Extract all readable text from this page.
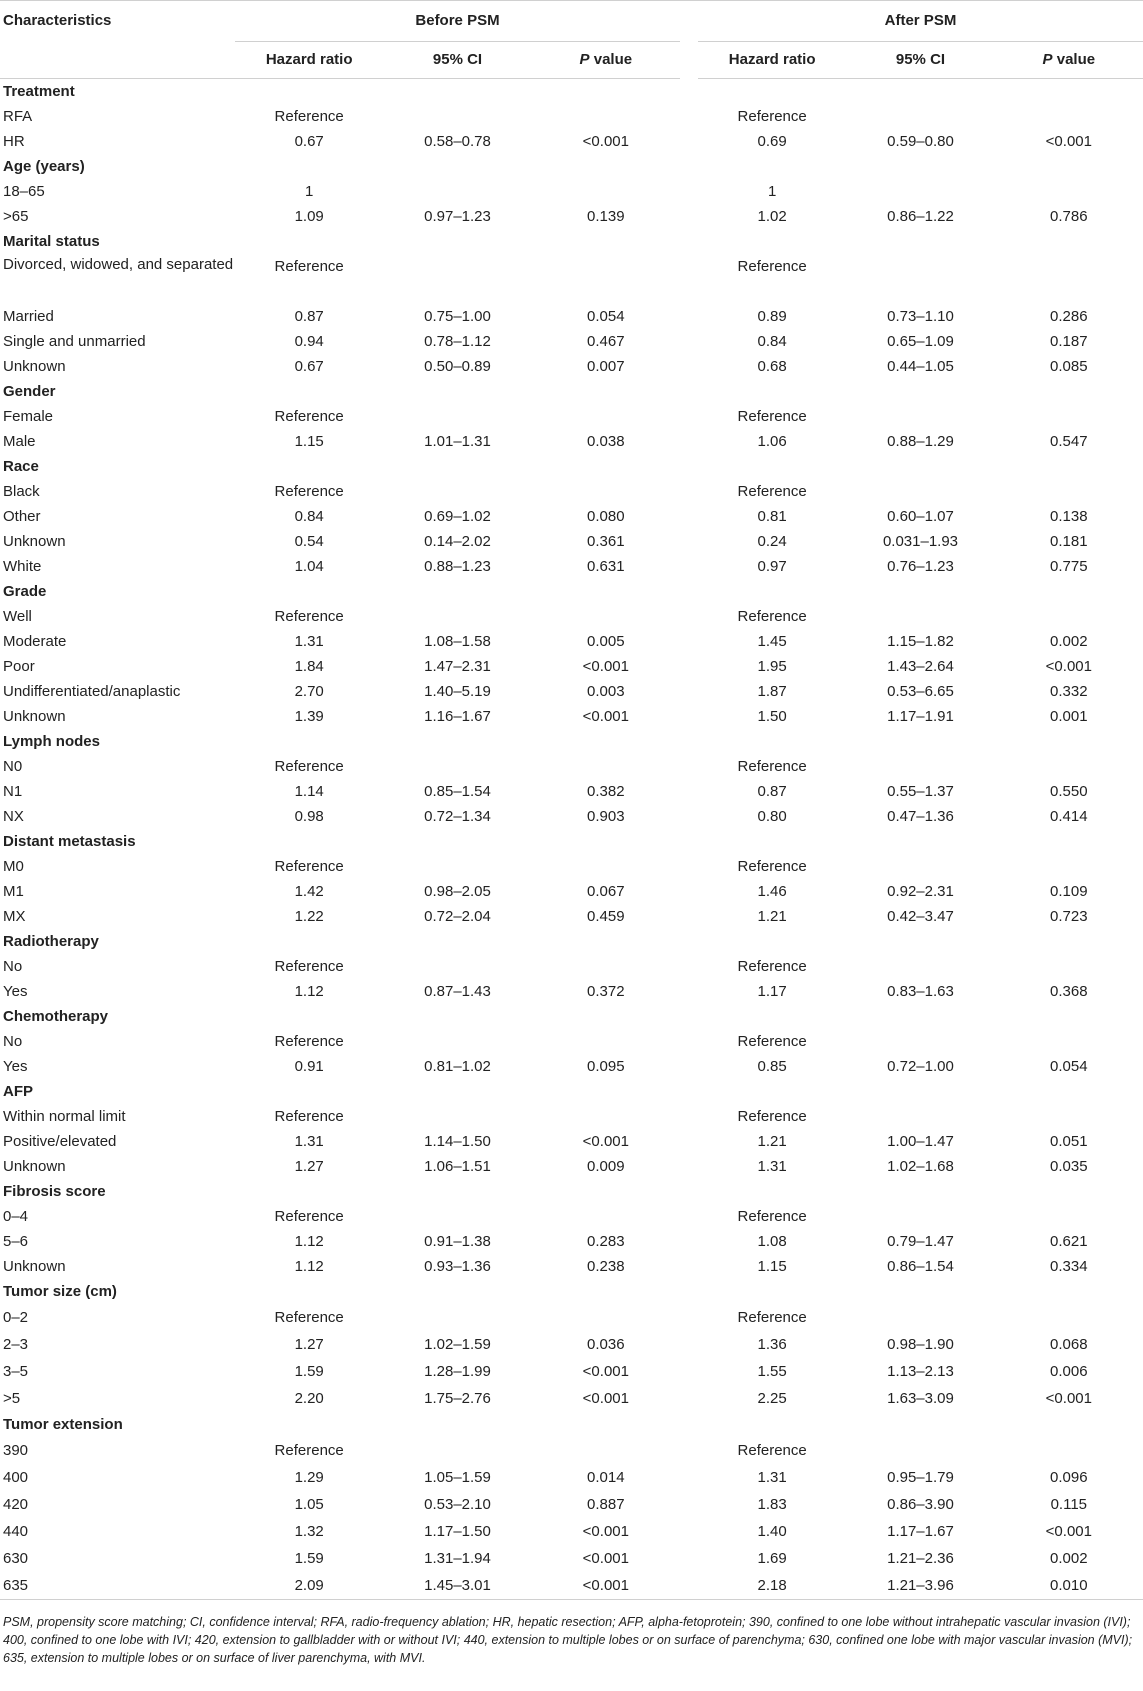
Characteristics	Before PSM				After PSM		
	Hazard ratio	95% CI	P value		Hazard ratio	95% CI	P value
Treatment							
RFA	Reference				Reference		
HR	0.67	0.58–0.78	<0.001		0.69	0.59–0.80	<0.001
Age (years)							
18–65	1				1		
>65	1.09	0.97–1.23	0.139		1.02	0.86–1.22	0.786
Marital status							
Divorced, widowed, and separated	Reference				Reference		
Married	0.87	0.75–1.00	0.054		0.89	0.73–1.10	0.286
Single and unmarried	0.94	0.78–1.12	0.467		0.84	0.65–1.09	0.187
Unknown	0.67	0.50–0.89	0.007		0.68	0.44–1.05	0.085
Gender							
Female	Reference				Reference		
Male	1.15	1.01–1.31	0.038		1.06	0.88–1.29	0.547
Race							
Black	Reference				Reference		
Other	0.84	0.69–1.02	0.080		0.81	0.60–1.07	0.138
Unknown	0.54	0.14–2.02	0.361		0.24	0.031–1.93	0.181
White	1.04	0.88–1.23	0.631		0.97	0.76–1.23	0.775
Grade							
Well	Reference				Reference		
Moderate	1.31	1.08–1.58	0.005		1.45	1.15–1.82	0.002
Poor	1.84	1.47–2.31	<0.001		1.95	1.43–2.64	<0.001
Undifferentiated/anaplastic	2.70	1.40–5.19	0.003		1.87	0.53–6.65	0.332
Unknown	1.39	1.16–1.67	<0.001		1.50	1.17–1.91	0.001
Lymph nodes							
N0	Reference				Reference		
N1	1.14	0.85–1.54	0.382		0.87	0.55–1.37	0.550
NX	0.98	0.72–1.34	0.903		0.80	0.47–1.36	0.414
Distant metastasis							
M0	Reference				Reference		
M1	1.42	0.98–2.05	0.067		1.46	0.92–2.31	0.109
MX	1.22	0.72–2.04	0.459		1.21	0.42–3.47	0.723
Radiotherapy							
No	Reference				Reference		
Yes	1.12	0.87–1.43	0.372		1.17	0.83–1.63	0.368
Chemotherapy							
No	Reference				Reference		
Yes	0.91	0.81–1.02	0.095		0.85	0.72–1.00	0.054
AFP							
Within normal limit	Reference				Reference		
Positive/elevated	1.31	1.14–1.50	<0.001		1.21	1.00–1.47	0.051
Unknown	1.27	1.06–1.51	0.009		1.31	1.02–1.68	0.035
Fibrosis score							
0–4	Reference				Reference		
5–6	1.12	0.91–1.38	0.283		1.08	0.79–1.47	0.621
Unknown	1.12	0.93–1.36	0.238		1.15	0.86–1.54	0.334
Tumor size (cm)							
0–2	Reference				Reference		
2–3	1.27	1.02–1.59	0.036		1.36	0.98–1.90	0.068
3–5	1.59	1.28–1.99	<0.001		1.55	1.13–2.13	0.006
>5	2.20	1.75–2.76	<0.001		2.25	1.63–3.09	<0.001
Tumor extension							
390	Reference				Reference		
400	1.29	1.05–1.59	0.014		1.31	0.95–1.79	0.096
420	1.05	0.53–2.10	0.887		1.83	0.86–3.90	0.115
440	1.32	1.17–1.50	<0.001		1.40	1.17–1.67	<0.001
630	1.59	1.31–1.94	<0.001		1.69	1.21–2.36	0.002
635	2.09	1.45–3.01	<0.001		2.18	1.21–3.96	0.010
PSM, propensity score matching; CI, confidence interval; RFA, radio-frequency ablation; HR, hepatic resection; AFP, alpha-fetoprotein; 390, confined to one lobe without intrahepatic vascular invasion (IVI); 400, confined to one lobe with IVI; 420, extension to gallbladder with or without IVI; 440, extension to multiple lobes or on surface of parenchyma; 630, confined one lobe with major vascular invasion (MVI); 635, extension to multiple lobes or on surface of liver parenchyma, with MVI.
